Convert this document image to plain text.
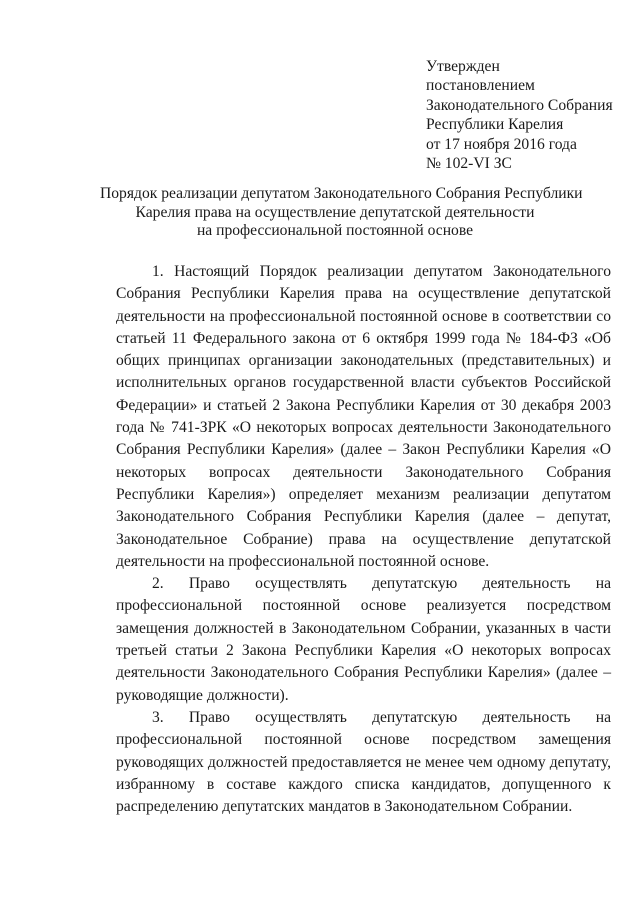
Утвержден
постановлением
Законодательного Собрания
Республики Карелия
от 17 ноября 2016 года
№ 102-VI ЗС
Порядок реализации депутатом Законодательного Собрания Республики
Карелия права на осуществление депутатской деятельности
на профессиональной постоянной основе

1. Настоящий Порядок реализации депутатом Законодательного Собрания Республики Карелия права на осуществление депутатской деятельности на профессиональной постоянной основе в соответствии со статьей 11 Федерального закона от 6 октября 1999 года № 184-ФЗ «Об общих принципах организации законодательных (представительных) и исполнительных органов государственной власти субъектов Российской Федерации» и статьей 2 Закона Республики Карелия от 30 декабря 2003 года № 741-ЗРК «О некоторых вопросах деятельности Законодательного Собрания Республики Карелия» (далее – Закон Республики Карелия «О некоторых вопросах деятельности Законодательного Собрания Республики Карелия») определяет механизм реализации депутатом Законодательного Собрания Республики Карелия (далее – депутат, Законодательное Собрание) права на осуществление депутатской деятельности на профессиональной постоянной основе.

2. Право осуществлять депутатскую деятельность на профессиональной постоянной основе реализуется посредством замещения должностей в Законодательном Собрании, указанных в части третьей статьи 2 Закона Республики Карелия «О некоторых вопросах деятельности Законодательного Собрания Республики Карелия» (далее – руководящие должности).

3. Право осуществлять депутатскую деятельность на профессиональной постоянной основе посредством замещения руководящих должностей предоставляется не менее чем одному депутату, избранному в составе каждого списка кандидатов, допущенного к распределению депутатских мандатов в Законодательном Собрании.
